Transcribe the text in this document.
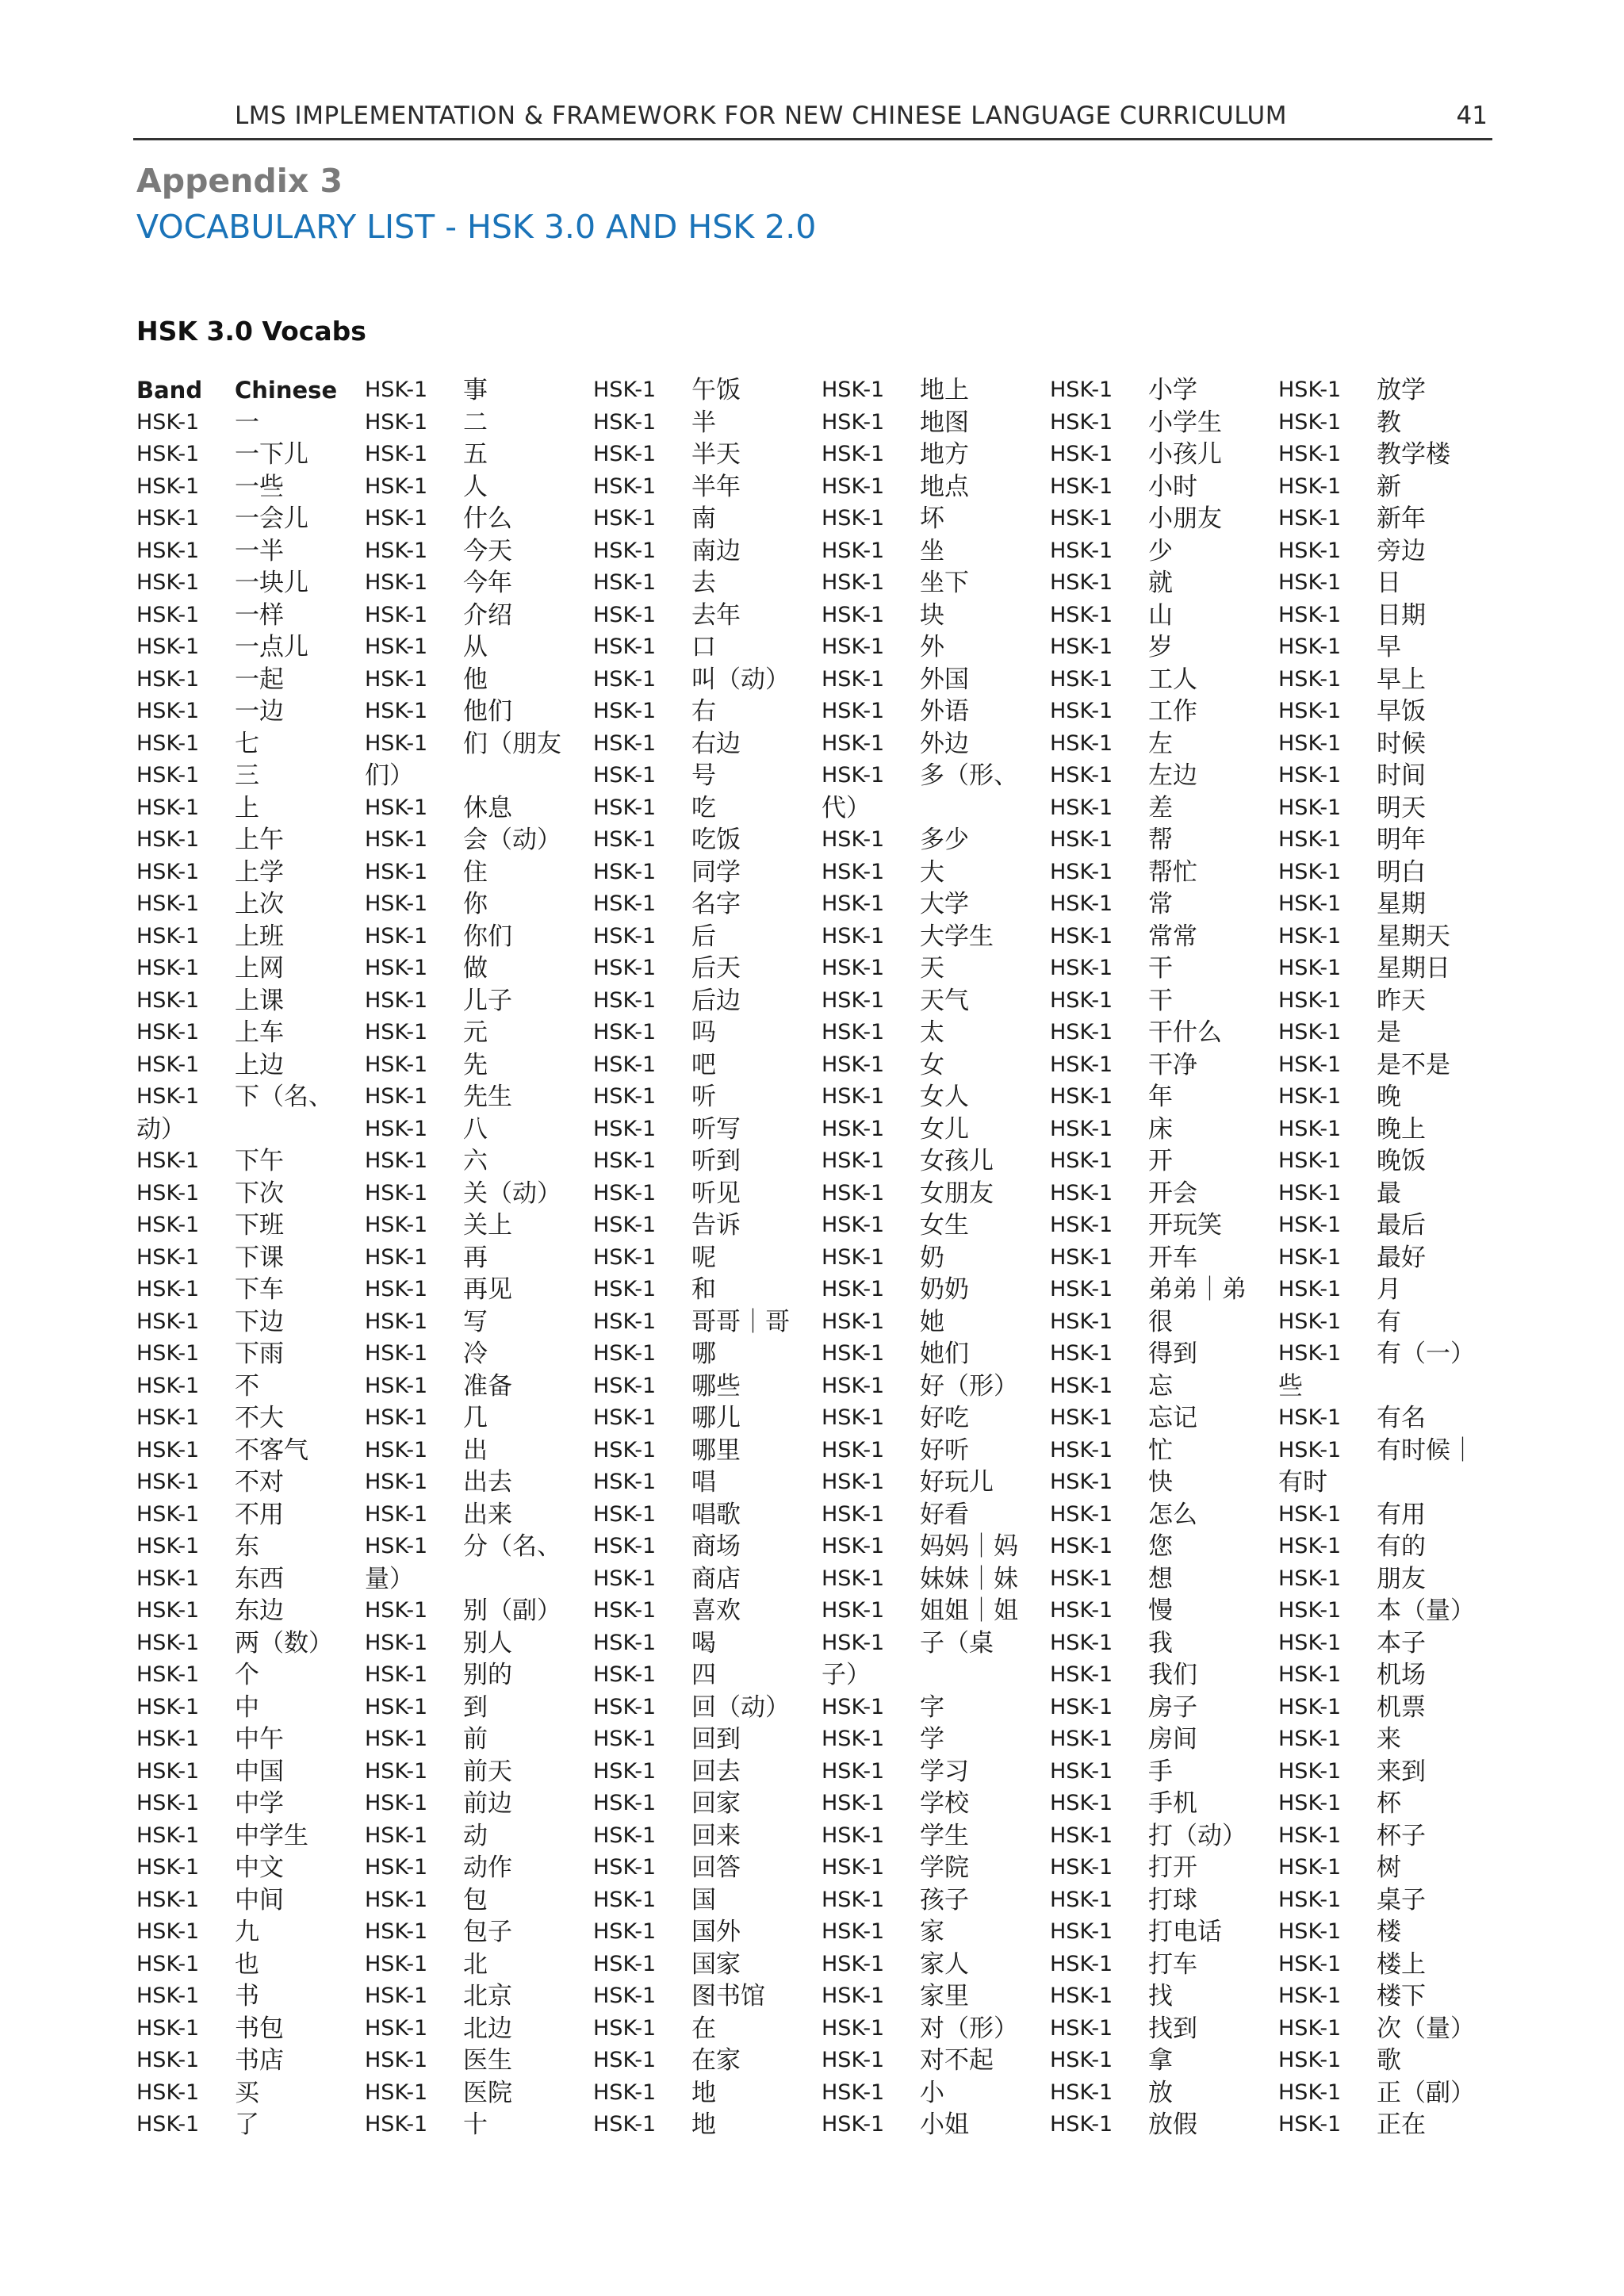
LMS IMPLEMENTATION & FRAMEWORK FOR NEW CHINESE LANGUAGE CURRICULUM	41
Appendix 3
VOCABULARY LIST - HSK 3.0 AND HSK 2.0
HSK 3.0 Vocabs
Band Chinese
HSK-1 一
HSK-1 一下儿
HSK-1 一些
HSK-1 一会儿
HSK-1 一半
HSK-1 一块儿
HSK-1 一样
HSK-1 一点儿
HSK-1 一起
HSK-1 一边
HSK-1 七
HSK-1 三
HSK-1 上
HSK-1 上午
HSK-1 上学
HSK-1 上次
HSK-1 上班
HSK-1 上网
HSK-1 上课
HSK-1 上车
HSK-1 上边
HSK-1 下（名、
动）
HSK-1 下午
HSK-1 下次
HSK-1 下班
HSK-1 下课
HSK-1 下车
HSK-1 下边
HSK-1 下雨
HSK-1 不
HSK-1 不大
HSK-1 不客气
HSK-1 不对
HSK-1 不用
HSK-1 东
HSK-1 东西
HSK-1 东边
HSK-1 两（数）
HSK-1 个
HSK-1 中
HSK-1 中午
HSK-1 中国
HSK-1 中学
HSK-1 中学生
HSK-1 中文
HSK-1 中间
HSK-1 九
HSK-1 也
HSK-1 书
HSK-1 书包
HSK-1 书店
HSK-1 买
HSK-1 了
HSK-1 事
HSK-1 二
HSK-1 五
HSK-1 人
HSK-1 什么
HSK-1 今天
HSK-1 今年
HSK-1 介绍
HSK-1 从
HSK-1 他
HSK-1 他们
HSK-1 们（朋友
们）
HSK-1 休息
HSK-1 会（动）
HSK-1 住
HSK-1 你
HSK-1 你们
HSK-1 做
HSK-1 儿子
HSK-1 元
HSK-1 先
HSK-1 先生
HSK-1 八
HSK-1 六
HSK-1 关（动）
HSK-1 关上
HSK-1 再
HSK-1 再见
HSK-1 写
HSK-1 冷
HSK-1 准备
HSK-1 几
HSK-1 出
HSK-1 出去
HSK-1 出来
HSK-1 分（名、
量）
HSK-1 别（副）
HSK-1 别人
HSK-1 别的
HSK-1 到
HSK-1 前
HSK-1 前天
HSK-1 前边
HSK-1 动
HSK-1 动作
HSK-1 包
HSK-1 包子
HSK-1 北
HSK-1 北京
HSK-1 北边
HSK-1 医生
HSK-1 医院
HSK-1 十
HSK-1 午饭
HSK-1 半
HSK-1 半天
HSK-1 半年
HSK-1 南
HSK-1 南边
HSK-1 去
HSK-1 去年
HSK-1 口
HSK-1 叫（动）
HSK-1 右
HSK-1 右边
HSK-1 号
HSK-1 吃
HSK-1 吃饭
HSK-1 同学
HSK-1 名字
HSK-1 后
HSK-1 后天
HSK-1 后边
HSK-1 吗
HSK-1 吧
HSK-1 听
HSK-1 听写
HSK-1 听到
HSK-1 听见
HSK-1 告诉
HSK-1 呢
HSK-1 和
HSK-1 哥哥｜哥
HSK-1 哪
HSK-1 哪些
HSK-1 哪儿
HSK-1 哪里
HSK-1 唱
HSK-1 唱歌
HSK-1 商场
HSK-1 商店
HSK-1 喜欢
HSK-1 喝
HSK-1 四
HSK-1 回（动）
HSK-1 回到
HSK-1 回去
HSK-1 回家
HSK-1 回来
HSK-1 回答
HSK-1 国
HSK-1 国外
HSK-1 国家
HSK-1 图书馆
HSK-1 在
HSK-1 在家
HSK-1 地
HSK-1 地
HSK-1 地上
HSK-1 地图
HSK-1 地方
HSK-1 地点
HSK-1 坏
HSK-1 坐
HSK-1 坐下
HSK-1 块
HSK-1 外
HSK-1 外国
HSK-1 外语
HSK-1 外边
HSK-1 多（形、
代）
HSK-1 多少
HSK-1 大
HSK-1 大学
HSK-1 大学生
HSK-1 天
HSK-1 天气
HSK-1 太
HSK-1 女
HSK-1 女人
HSK-1 女儿
HSK-1 女孩儿
HSK-1 女朋友
HSK-1 女生
HSK-1 奶
HSK-1 奶奶
HSK-1 她
HSK-1 她们
HSK-1 好（形）
HSK-1 好吃
HSK-1 好听
HSK-1 好玩儿
HSK-1 好看
HSK-1 妈妈｜妈
HSK-1 妹妹｜妹
HSK-1 姐姐｜姐
HSK-1 子（桌
子）
HSK-1 字
HSK-1 学
HSK-1 学习
HSK-1 学校
HSK-1 学生
HSK-1 学院
HSK-1 孩子
HSK-1 家
HSK-1 家人
HSK-1 家里
HSK-1 对（形）
HSK-1 对不起
HSK-1 小
HSK-1 小姐
HSK-1 小学
HSK-1 小学生
HSK-1 小孩儿
HSK-1 小时
HSK-1 小朋友
HSK-1 少
HSK-1 就
HSK-1 山
HSK-1 岁
HSK-1 工人
HSK-1 工作
HSK-1 左
HSK-1 左边
HSK-1 差
HSK-1 帮
HSK-1 帮忙
HSK-1 常
HSK-1 常常
HSK-1 干
HSK-1 干
HSK-1 干什么
HSK-1 干净
HSK-1 年
HSK-1 床
HSK-1 开
HSK-1 开会
HSK-1 开玩笑
HSK-1 开车
HSK-1 弟弟｜弟
HSK-1 很
HSK-1 得到
HSK-1 忘
HSK-1 忘记
HSK-1 忙
HSK-1 快
HSK-1 怎么
HSK-1 您
HSK-1 想
HSK-1 慢
HSK-1 我
HSK-1 我们
HSK-1 房子
HSK-1 房间
HSK-1 手
HSK-1 手机
HSK-1 打（动）
HSK-1 打开
HSK-1 打球
HSK-1 打电话
HSK-1 打车
HSK-1 找
HSK-1 找到
HSK-1 拿
HSK-1 放
HSK-1 放假
HSK-1 放学
HSK-1 教
HSK-1 教学楼
HSK-1 新
HSK-1 新年
HSK-1 旁边
HSK-1 日
HSK-1 日期
HSK-1 早
HSK-1 早上
HSK-1 早饭
HSK-1 时候
HSK-1 时间
HSK-1 明天
HSK-1 明年
HSK-1 明白
HSK-1 星期
HSK-1 星期天
HSK-1 星期日
HSK-1 昨天
HSK-1 是
HSK-1 是不是
HSK-1 晚
HSK-1 晚上
HSK-1 晚饭
HSK-1 最
HSK-1 最后
HSK-1 最好
HSK-1 月
HSK-1 有
HSK-1 有（一）
些
HSK-1 有名
HSK-1 有时候｜
有时
HSK-1 有用
HSK-1 有的
HSK-1 朋友
HSK-1 本（量）
HSK-1 本子
HSK-1 机场
HSK-1 机票
HSK-1 来
HSK-1 来到
HSK-1 杯
HSK-1 杯子
HSK-1 树
HSK-1 桌子
HSK-1 楼
HSK-1 楼上
HSK-1 楼下
HSK-1 次（量）
HSK-1 歌
HSK-1 正（副）
HSK-1 正在
